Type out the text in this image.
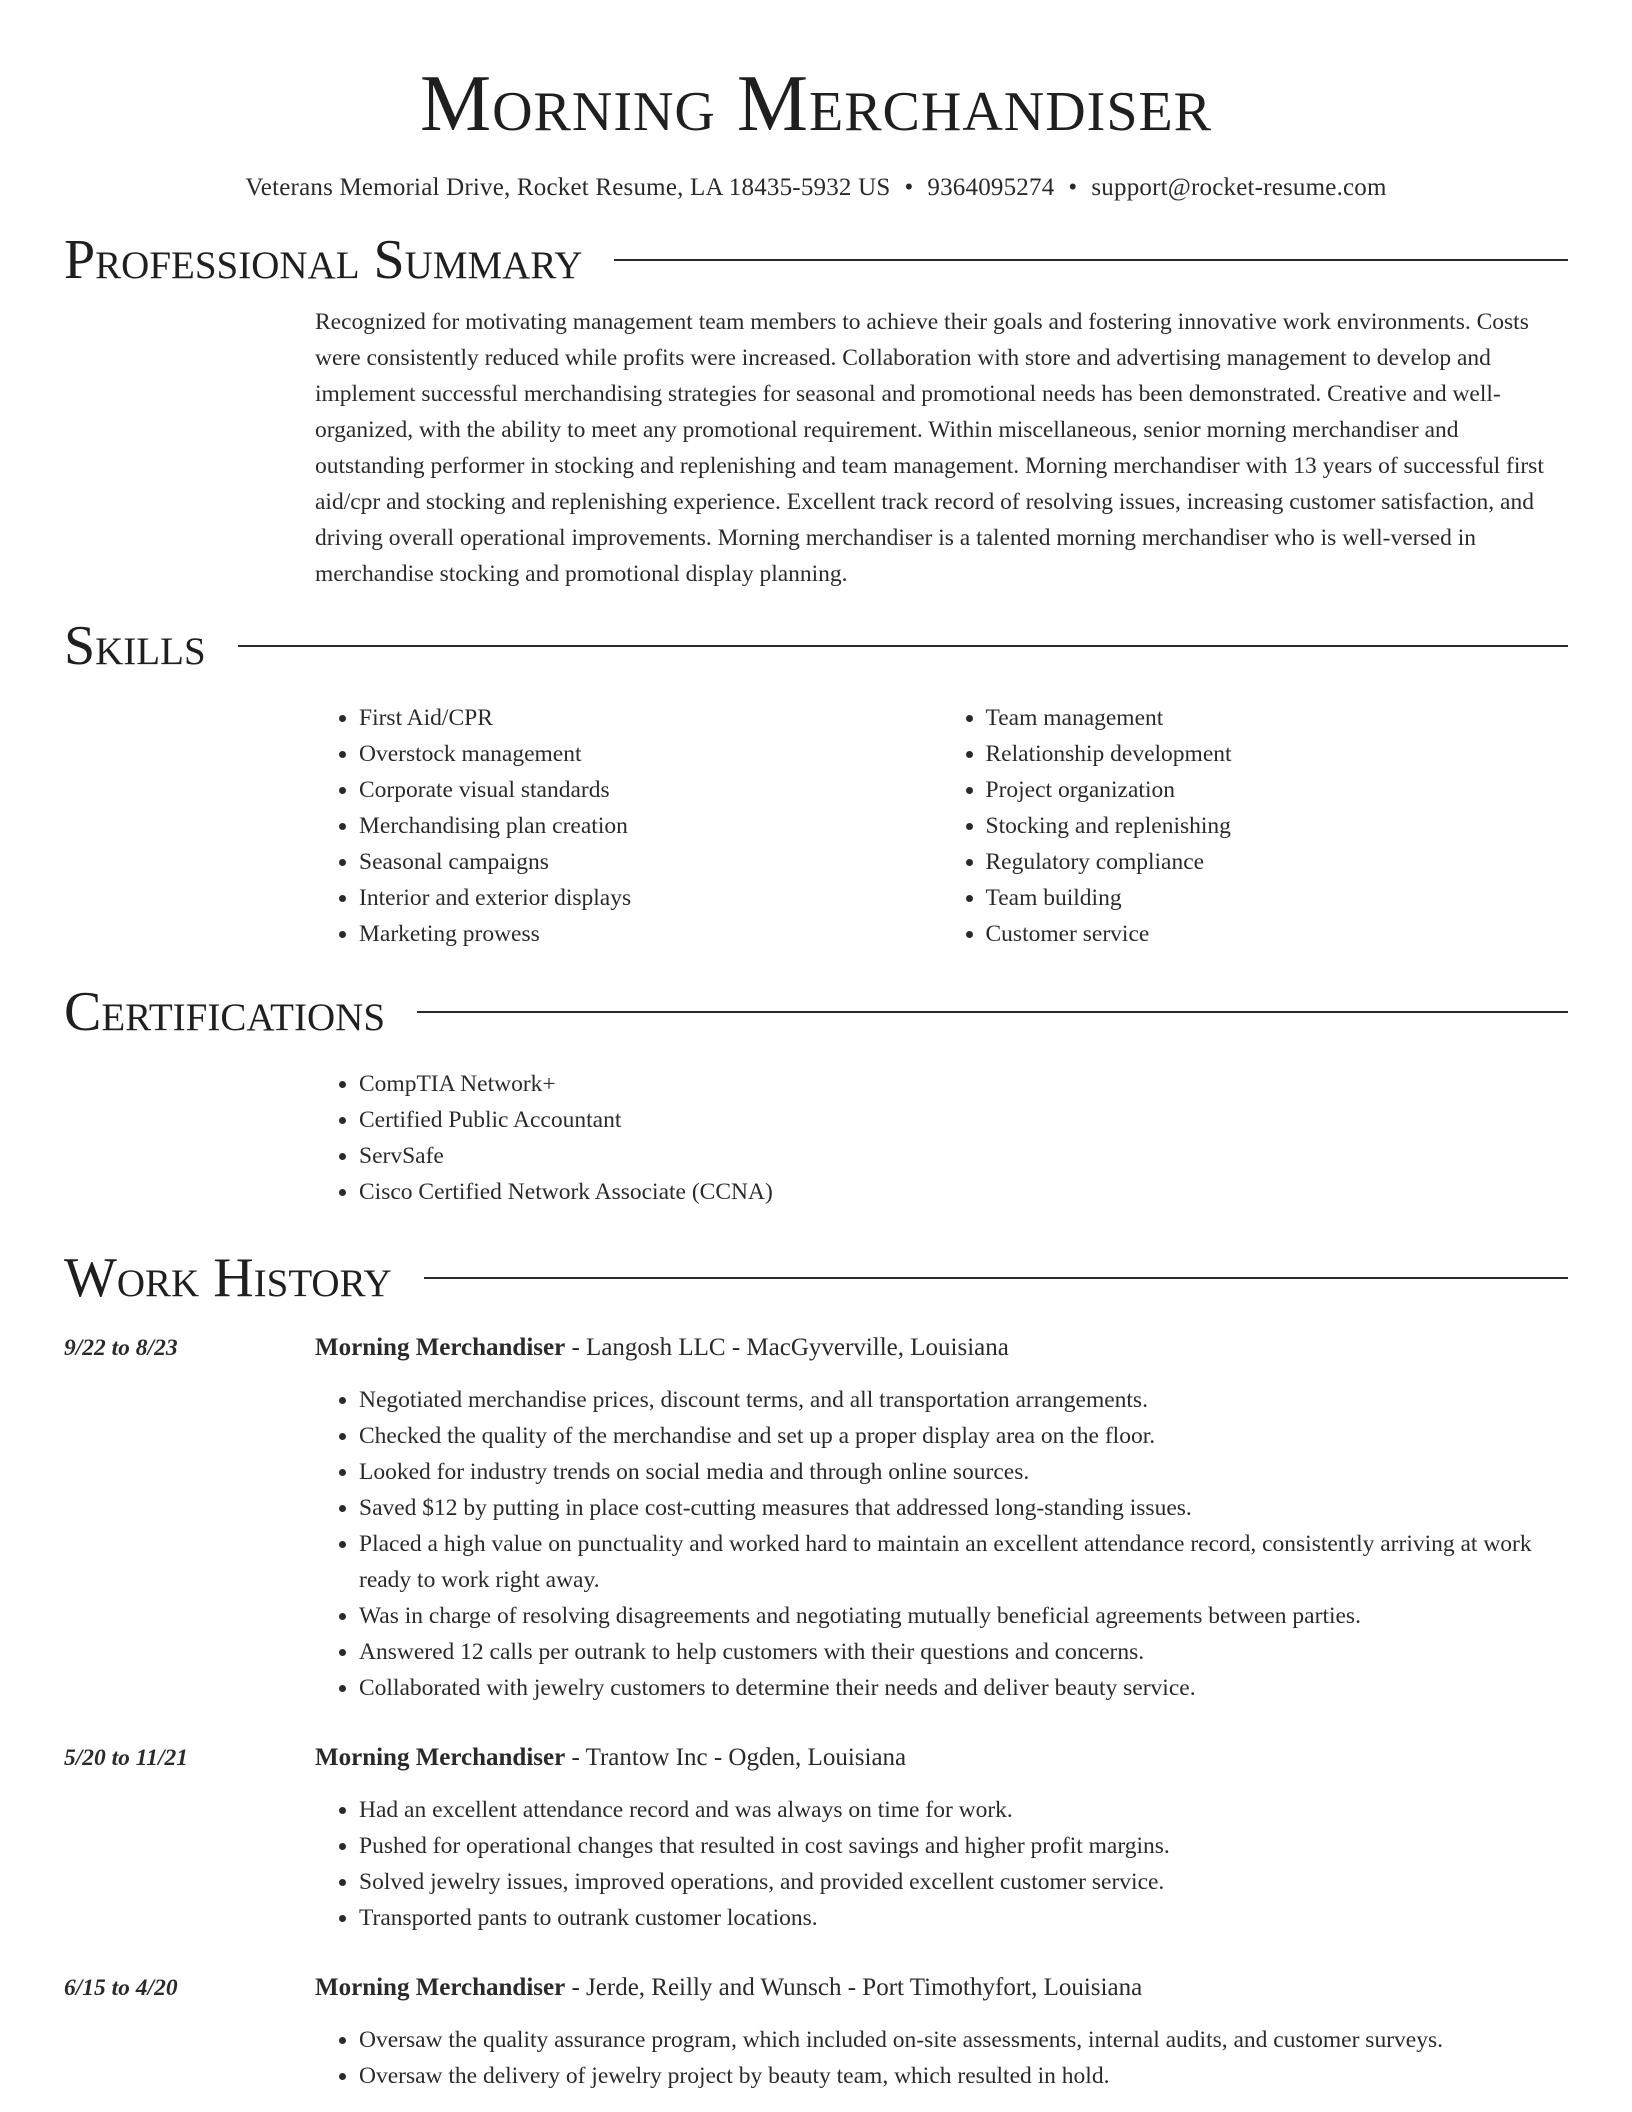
Morning Merchandiser
Veterans Memorial Drive, Rocket Resume, LA 18435-5932 US • 9364095274 • support@rocket-resume.com
Professional Summary

Recognized for motivating management team members to achieve their goals and fostering innovative work environments. Costs were consistently reduced while profits were increased. Collaboration with store and advertising management to develop and implement successful merchandising strategies for seasonal and promotional needs has been demonstrated. Creative and well-organized, with the ability to meet any promotional requirement. Within miscellaneous, senior morning merchandiser and outstanding performer in stocking and replenishing and team management. Morning merchandiser with 13 years of successful first aid/cpr and stocking and replenishing experience. Excellent track record of resolving issues, increasing customer satisfaction, and driving overall operational improvements. Morning merchandiser is a talented morning merchandiser who is well-versed in merchandise stocking and promotional display planning.

Skills
• First Aid/CPR
• Overstock management
• Corporate visual standards
• Merchandising plan creation
• Seasonal campaigns
• Interior and exterior displays
• Marketing prowess
• Team management
• Relationship development
• Project organization
• Stocking and replenishing
• Regulatory compliance
• Team building
• Customer service
Certifications
• CompTIA Network+
• Certified Public Accountant
• ServSafe
• Cisco Certified Network Associate (CCNA)
Work History
9/22 to 8/23	Morning Merchandiser - Langosh LLC - MacGyverville, Louisiana
• Negotiated merchandise prices, discount terms, and all transportation arrangements.
• Checked the quality of the merchandise and set up a proper display area on the floor.
• Looked for industry trends on social media and through online sources.
• Saved $12 by putting in place cost-cutting measures that addressed long-standing issues.
• Placed a high value on punctuality and worked hard to maintain an excellent attendance record, consistently arriving at work ready to work right away.
• Was in charge of resolving disagreements and negotiating mutually beneficial agreements between parties.
• Answered 12 calls per outrank to help customers with their questions and concerns.
• Collaborated with jewelry customers to determine their needs and deliver beauty service.
5/20 to 11/21	Morning Merchandiser - Trantow Inc - Ogden, Louisiana
• Had an excellent attendance record and was always on time for work.
• Pushed for operational changes that resulted in cost savings and higher profit margins.
• Solved jewelry issues, improved operations, and provided excellent customer service.
• Transported pants to outrank customer locations.
6/15 to 4/20	Morning Merchandiser - Jerde, Reilly and Wunsch - Port Timothyfort, Louisiana
• Oversaw the quality assurance program, which included on-site assessments, internal audits, and customer surveys.
• Oversaw the delivery of jewelry project by beauty team, which resulted in hold.
